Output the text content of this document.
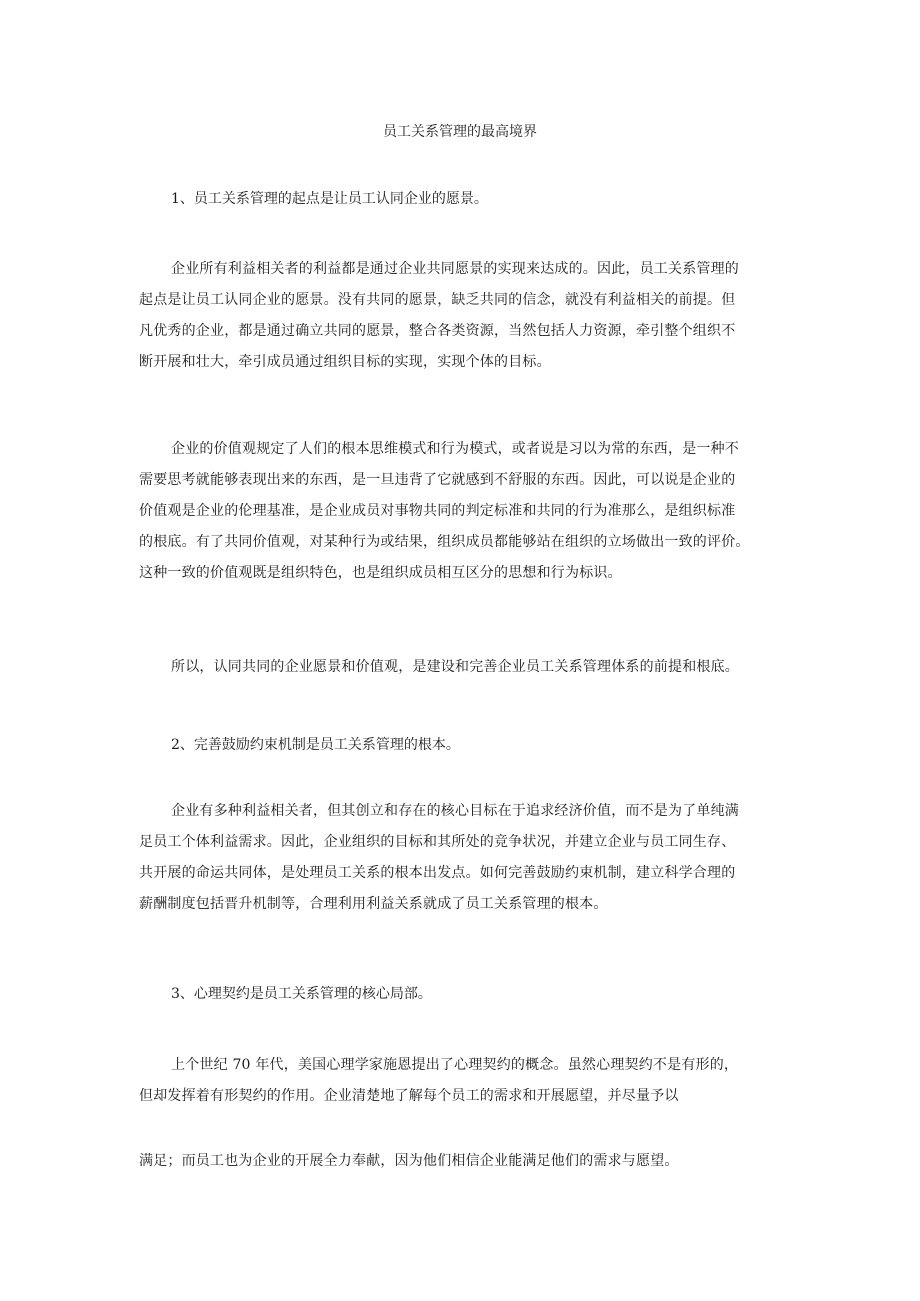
员工关系管理的最高境界
1、员工关系管理的起点是让员工认同企业的愿景。
企业所有利益相关者的利益都是通过企业共同愿景的实现来达成的。因此，员工关系管理的
起点是让员工认同企业的愿景。没有共同的愿景，缺乏共同的信念，就没有利益相关的前提。但
凡优秀的企业，都是通过确立共同的愿景，整合各类资源，当然包括人力资源，牵引整个组织不
断开展和壮大，牵引成员通过组织目标的实现，实现个体的目标。
企业的价值观规定了人们的根本思维模式和行为模式，或者说是习以为常的东西，是一种不
需要思考就能够表现出来的东西，是一旦违背了它就感到不舒服的东西。因此，可以说是企业的
价值观是企业的伦理基准，是企业成员对事物共同的判定标准和共同的行为准那么，是组织标准
的根底。有了共同价值观，对某种行为或结果，组织成员都能够站在组织的立场做出一致的评价。
这种一致的价值观既是组织特色，也是组织成员相互区分的思想和行为标识。
所以，认同共同的企业愿景和价值观，是建设和完善企业员工关系管理体系的前提和根底。
2、完善鼓励约束机制是员工关系管理的根本。
企业有多种利益相关者，但其创立和存在的核心目标在于追求经济价值，而不是为了单纯满
足员工个体利益需求。因此，企业组织的目标和其所处的竞争状况，并建立企业与员工同生存、
共开展的命运共同体，是处理员工关系的根本出发点。如何完善鼓励约束机制，建立科学合理的
薪酬制度包括晋升机制等，合理利用利益关系就成了员工关系管理的根本。
3、心理契约是员工关系管理的核心局部。
上个世纪 70 年代，美国心理学家施恩提出了心理契约的概念。虽然心理契约不是有形的，
但却发挥着有形契约的作用。企业清楚地了解每个员工的需求和开展愿望，并尽量予以
满足；而员工也为企业的开展全力奉献，因为他们相信企业能满足他们的需求与愿望。
